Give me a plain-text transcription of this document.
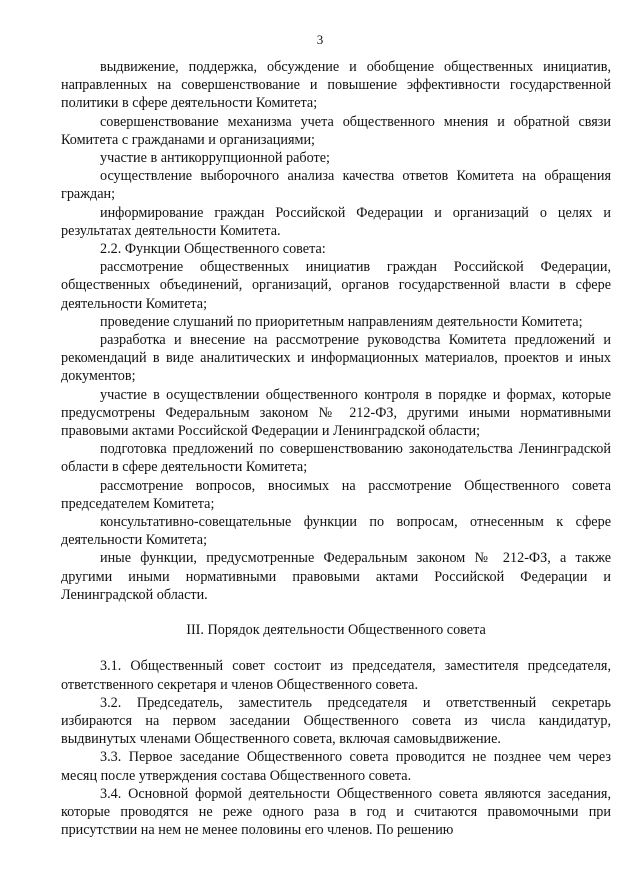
3

выдвижение, поддержка, обсуждение и обобщение общественных инициатив, направленных на совершенствование и повышение эффективности государственной политики в сфере деятельности Комитета;

совершенствование механизма учета общественного мнения и обратной связи Комитета с гражданами и организациями;

участие в антикоррупционной работе;

осуществление выборочного анализа качества ответов Комитета на обращения граждан;

информирование граждан Российской Федерации и организаций о целях и результатах деятельности Комитета.

2.2. Функции Общественного совета:

рассмотрение общественных инициатив граждан Российской Федерации, общественных объединений, организаций, органов государственной власти в сфере деятельности Комитета;

проведение слушаний по приоритетным направлениям деятельности Комитета;

разработка и внесение на рассмотрение руководства Комитета предложений и рекомендаций в виде аналитических и информационных материалов, проектов и иных документов;

участие в осуществлении общественного контроля в порядке и формах, которые предусмотрены Федеральным законом № 212-ФЗ, другими иными нормативными правовыми актами Российской Федерации и Ленинградской области;

подготовка предложений по совершенствованию законодательства Ленинградской области в сфере деятельности Комитета;

рассмотрение вопросов, вносимых на рассмотрение Общественного совета председателем Комитета;

консультативно-совещательные функции по вопросам, отнесенным к сфере деятельности Комитета;

иные функции, предусмотренные Федеральным законом № 212-ФЗ, а также другими иными нормативными правовыми актами Российской Федерации и Ленинградской области.

III. Порядок деятельности Общественного совета

3.1. Общественный совет состоит из председателя, заместителя председателя, ответственного секретаря и членов Общественного совета.

3.2. Председатель, заместитель председателя и ответственный секретарь избираются на первом заседании Общественного совета из числа кандидатур, выдвинутых членами Общественного совета, включая самовыдвижение.

3.3. Первое заседание Общественного совета проводится не позднее чем через месяц после утверждения состава Общественного совета.

3.4. Основной формой деятельности Общественного совета являются заседания, которые проводятся не реже одного раза в год и считаются правомочными при присутствии на нем не менее половины его членов. По решению
